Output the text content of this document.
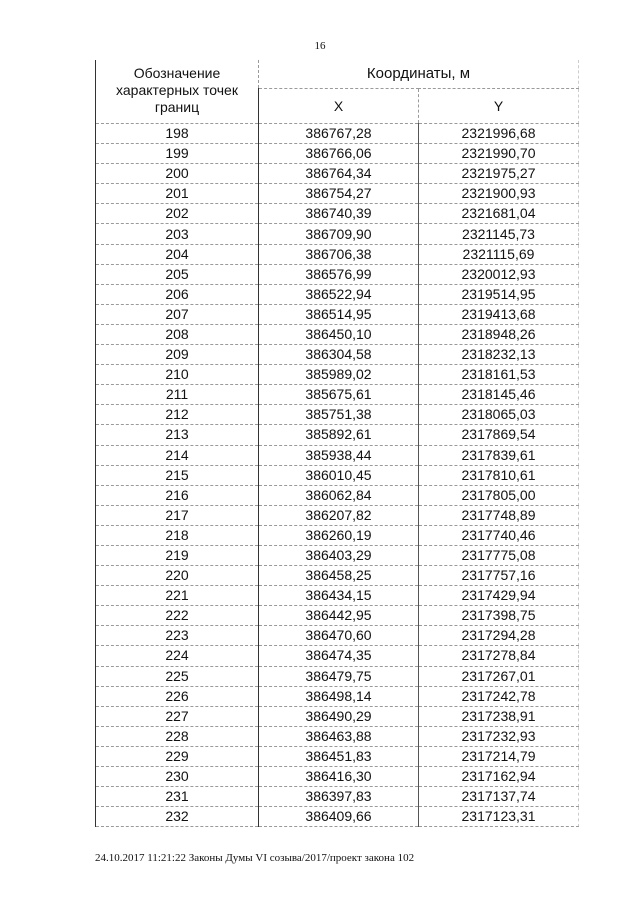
16
Обозначение характерных точек границ	Координаты, м	
	X	Y
198	386767,28	2321996,68
199	386766,06	2321990,70
200	386764,34	2321975,27
201	386754,27	2321900,93
202	386740,39	2321681,04
203	386709,90	2321145,73
204	386706,38	2321115,69
205	386576,99	2320012,93
206	386522,94	2319514,95
207	386514,95	2319413,68
208	386450,10	2318948,26
209	386304,58	2318232,13
210	385989,02	2318161,53
211	385675,61	2318145,46
212	385751,38	2318065,03
213	385892,61	2317869,54
214	385938,44	2317839,61
215	386010,45	2317810,61
216	386062,84	2317805,00
217	386207,82	2317748,89
218	386260,19	2317740,46
219	386403,29	2317775,08
220	386458,25	2317757,16
221	386434,15	2317429,94
222	386442,95	2317398,75
223	386470,60	2317294,28
224	386474,35	2317278,84
225	386479,75	2317267,01
226	386498,14	2317242,78
227	386490,29	2317238,91
228	386463,88	2317232,93
229	386451,83	2317214,79
230	386416,30	2317162,94
231	386397,83	2317137,74
232	386409,66	2317123,31
24.10.2017 11:21:22 Законы Думы VI созыва/2017/проект закона 102
